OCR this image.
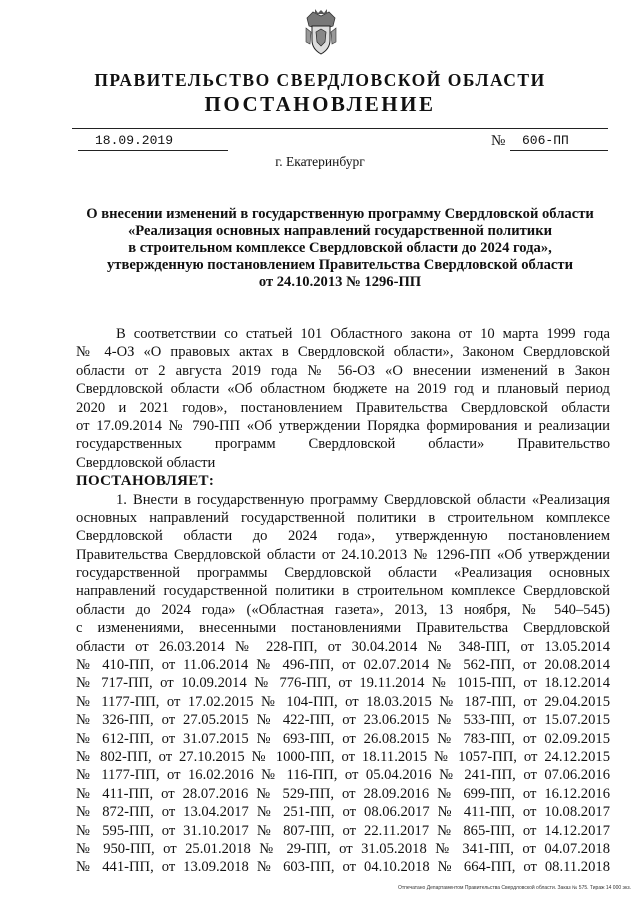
ПРАВИТЕЛЬСТВО СВЕРДЛОВСКОЙ ОБЛАСТИ
ПОСТАНОВЛЕНИЕ
18.09.2019	№ 606-ПП
г. Екатеринбург
О внесении изменений в государственную программу Свердловской области
«Реализация основных направлений государственной политики
в строительном комплексе Свердловской области до 2024 года»,
утвержденную постановлением Правительства Свердловской области
от 24.10.2013 № 1296-ПП
В соответствии со статьей 101 Областного закона от 10 марта 1999 года
№ 4-ОЗ «О правовых актах в Свердловской области», Законом Свердловской
области от 2 августа 2019 года № 56-ОЗ «О внесении изменений в Закон
Свердловской области «Об областном бюджете на 2019 год и плановый период
2020 и 2021 годов», постановлением Правительства Свердловской области
от 17.09.2014 № 790-ПП «Об утверждении Порядка формирования и реализации
государственных программ Свердловской области» Правительство
Свердловской области
ПОСТАНОВЛЯЕТ:
1. Внести в государственную программу Свердловской области «Реализация
основных направлений государственной политики в строительном комплексе
Свердловской области до 2024 года», утвержденную постановлением
Правительства Свердловской области от 24.10.2013 № 1296-ПП «Об утверждении
государственной программы Свердловской области «Реализация основных
направлений государственной политики в строительном комплексе Свердловской
области до 2024 года» («Областная газета», 2013, 13 ноября, № 540–545)
с изменениями, внесенными постановлениями Правительства Свердловской
области от 26.03.2014 № 228-ПП, от 30.04.2014 № 348-ПП, от 13.05.2014
№ 410-ПП, от 11.06.2014 № 496-ПП, от 02.07.2014 № 562-ПП, от 20.08.2014
№ 717-ПП, от 10.09.2014 № 776-ПП, от 19.11.2014 № 1015-ПП, от 18.12.2014
№ 1177-ПП, от 17.02.2015 № 104-ПП, от 18.03.2015 № 187-ПП, от 29.04.2015
№ 326-ПП, от 27.05.2015 № 422-ПП, от 23.06.2015 № 533-ПП, от 15.07.2015
№ 612-ПП, от 31.07.2015 № 693-ПП, от 26.08.2015 № 783-ПП, от 02.09.2015
№ 802-ПП, от 27.10.2015 № 1000-ПП, от 18.11.2015 № 1057-ПП, от 24.12.2015
№ 1177-ПП, от 16.02.2016 № 116-ПП, от 05.04.2016 № 241-ПП, от 07.06.2016
№ 411-ПП, от 28.07.2016 № 529-ПП, от 28.09.2016 № 699-ПП, от 16.12.2016
№ 872-ПП, от 13.04.2017 № 251-ПП, от 08.06.2017 № 411-ПП, от 10.08.2017
№ 595-ПП, от 31.10.2017 № 807-ПП, от 22.11.2017 № 865-ПП, от 14.12.2017
№ 950-ПП, от 25.01.2018 № 29-ПП, от 31.05.2018 № 341-ПП, от 04.07.2018
№ 441-ПП, от 13.09.2018 № 603-ПП, от 04.10.2018 № 664-ПП, от 08.11.2018
Отпечатано Департаментом Правительства Свердловской области. Заказ № 575. Тираж 14 000 экз.
